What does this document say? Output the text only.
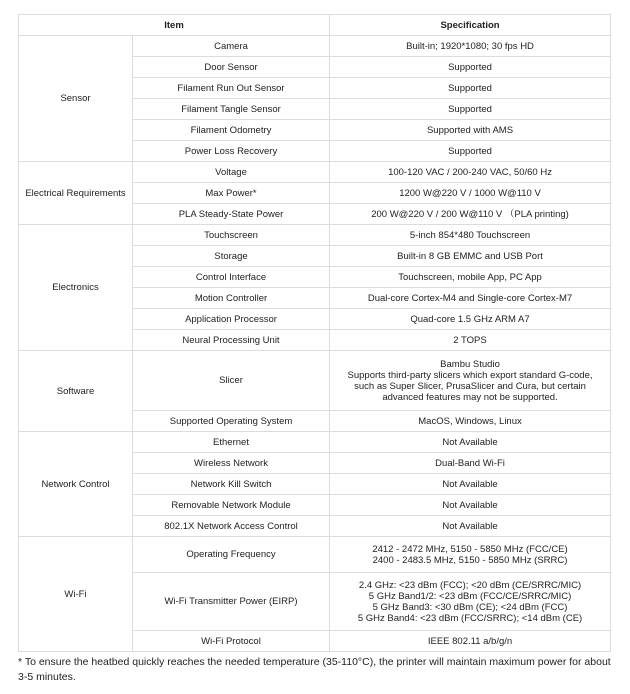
Item		Specification
Sensor	Camera	Built-in; 1920*1080; 30 fps HD
	Door Sensor	Supported
	Filament Run Out Sensor	Supported
	Filament Tangle Sensor	Supported
	Filament Odometry	Supported with AMS
	Power Loss Recovery	Supported
Electrical Requirements	Voltage	100-120 VAC / 200-240 VAC, 50/60 Hz
	Max Power*	1200 W@220 V / 1000 W@110 V
	PLA Steady-State Power	200 W@220 V / 200 W@110 V （PLA printing)
Electronics	Touchscreen	5-inch 854*480 Touchscreen
	Storage	Built-in 8 GB EMMC and USB Port
	Control Interface	Touchscreen, mobile App, PC App
	Motion Controller	Dual-core Cortex-M4 and Single-core Cortex-M7
	Application Processor	Quad-core 1.5 GHz ARM A7
	Neural Processing Unit	2 TOPS
Software	Slicer	Bambu Studio
Supports third-party slicers which export standard G-code,
such as Super Slicer, PrusaSlicer and Cura, but certain
advanced features may not be supported.

	Supported Operating System	MacOS, Windows, Linux
Network Control	Ethernet	Not Available
	Wireless Network	Dual-Band Wi-Fi
	Network Kill Switch	Not Available
	Removable Network Module	Not Available
	802.1X Network Access Control	Not Available
Wi-Fi	Operating Frequency	2412 - 2472 MHz, 5150 - 5850 MHz (FCC/CE)
2400 - 2483.5 MHz, 5150 - 5850 MHz (SRRC)

	Wi-Fi Transmitter Power (EIRP)	2.4 GHz: <23 dBm (FCC); <20 dBm (CE/SRRC/MIC)
5 GHz Band1/2: <23 dBm (FCC/CE/SRRC/MIC)
5 GHz Band3: <30 dBm (CE); <24 dBm (FCC)
5 GHz Band4: <23 dBm (FCC/SRRC); <14 dBm (CE)

	Wi-Fi Protocol	IEEE 802.11 a/b/g/n
* To ensure the heatbed quickly reaches the needed temperature (35-110°C), the printer will maintain maximum power for about 3-5 minutes.
